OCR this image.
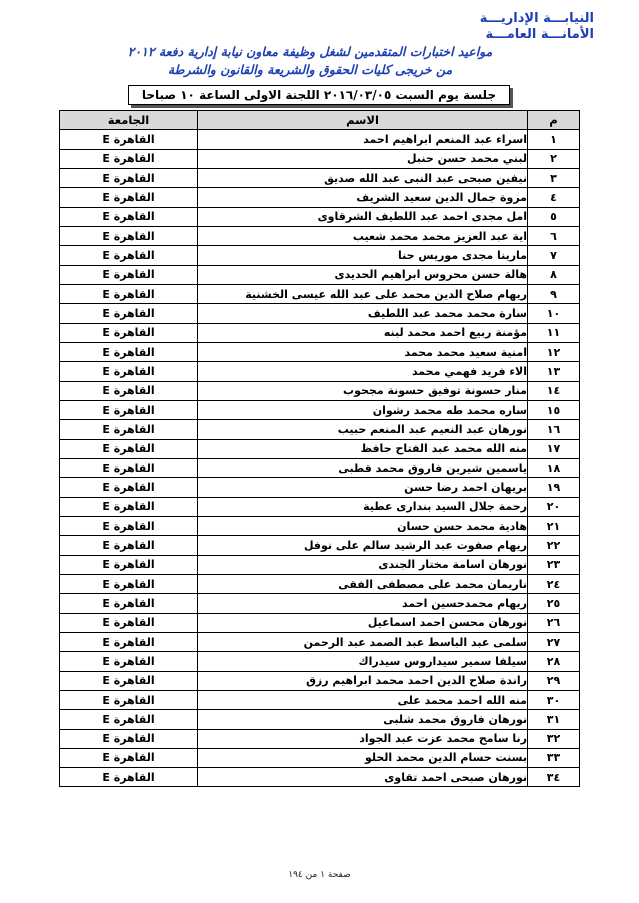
النيابـــة الإداريـــة
الأمانـــة العامـــة
مواعيد اختبارات المتقدمين لشغل وظيفة معاون نيابة إدارية دفعة ٢٠١٢
من خريجى كليات الحقوق والشريعة والقانون والشرطة
جلسة يوم السبت ٢٠١٦/٠٣/٠٥ اللجنة الاولى الساعة ١٠ صباحا
م	الاسم	الجامعة
١	اسراء عبد المنعم ابراهيم احمد	القاهرة E
٢	لبني محمد حسن حنبل	القاهرة E
٣	نيفين صبحى عبد النبى عبد الله صديق	القاهرة E
٤	مروة جمال الدين سعيد الشريف	القاهرة E
٥	امل مجدى احمد عبد اللطيف الشرقاوى	القاهرة E
٦	اية عبد العزيز محمد محمد شعيب	القاهرة E
٧	مارينا مجدى موريس حنا	القاهرة E
٨	هالة حسن محروس ابراهيم الحديدى	القاهرة E
٩	ريهام صلاح الدين محمد على عبد الله عيسى الخشنية	القاهرة E
١٠	سارة محمد محمد عبد اللطيف	القاهرة E
١١	مؤمنة ربيع احمد محمد لبنه	القاهرة E
١٢	امنية سعيد محمد محمد	القاهرة E
١٣	الاء فريد فهمي محمد	القاهرة E
١٤	منار حسونة توفيق حسونة مجحوب	القاهرة E
١٥	ساره محمد طه محمد رشوان	القاهرة E
١٦	نورهان عبد النعيم عبد المنعم حبيب	القاهرة E
١٧	منه الله محمد عبد الفتاح حافظ	القاهرة E
١٨	ياسمين شيرين فاروق محمد قطبى	القاهرة E
١٩	بريهان احمد رضا حسن	القاهرة E
٢٠	رحمة جلال السيد بندارى عطية	القاهرة E
٢١	هادية محمد حسن حسان	القاهرة E
٢٢	ريهام صفوت عبد الرشيد سالم على نوفل	القاهرة E
٢٣	نورهان اسامة مختار الجندى	القاهرة E
٢٤	ناريمان محمد على مصطفى الفقى	القاهرة E
٢٥	ريهام محمدحسين احمد	القاهرة E
٢٦	نورهان محسن احمد اسماعيل	القاهرة E
٢٧	سلمى عبد الباسط عبد الصمد عبد الرحمن	القاهرة E
٢٨	سيلفا سمير سيداروس سيدراك	القاهرة E
٢٩	راندة صلاح الدين احمد محمد ابراهيم رزق	القاهرة E
٣٠	منه الله احمد محمد على	القاهرة E
٣١	نورهان فاروق محمد شلبى	القاهرة E
٣٢	رنا سامح محمد عزت عبد الجواد	القاهرة E
٣٣	بسنت حسام الدين محمد الحلو	القاهرة E
٣٤	نورهان صبحى احمد تقاوى	القاهرة E
صفحة ١ من ١٩٤
